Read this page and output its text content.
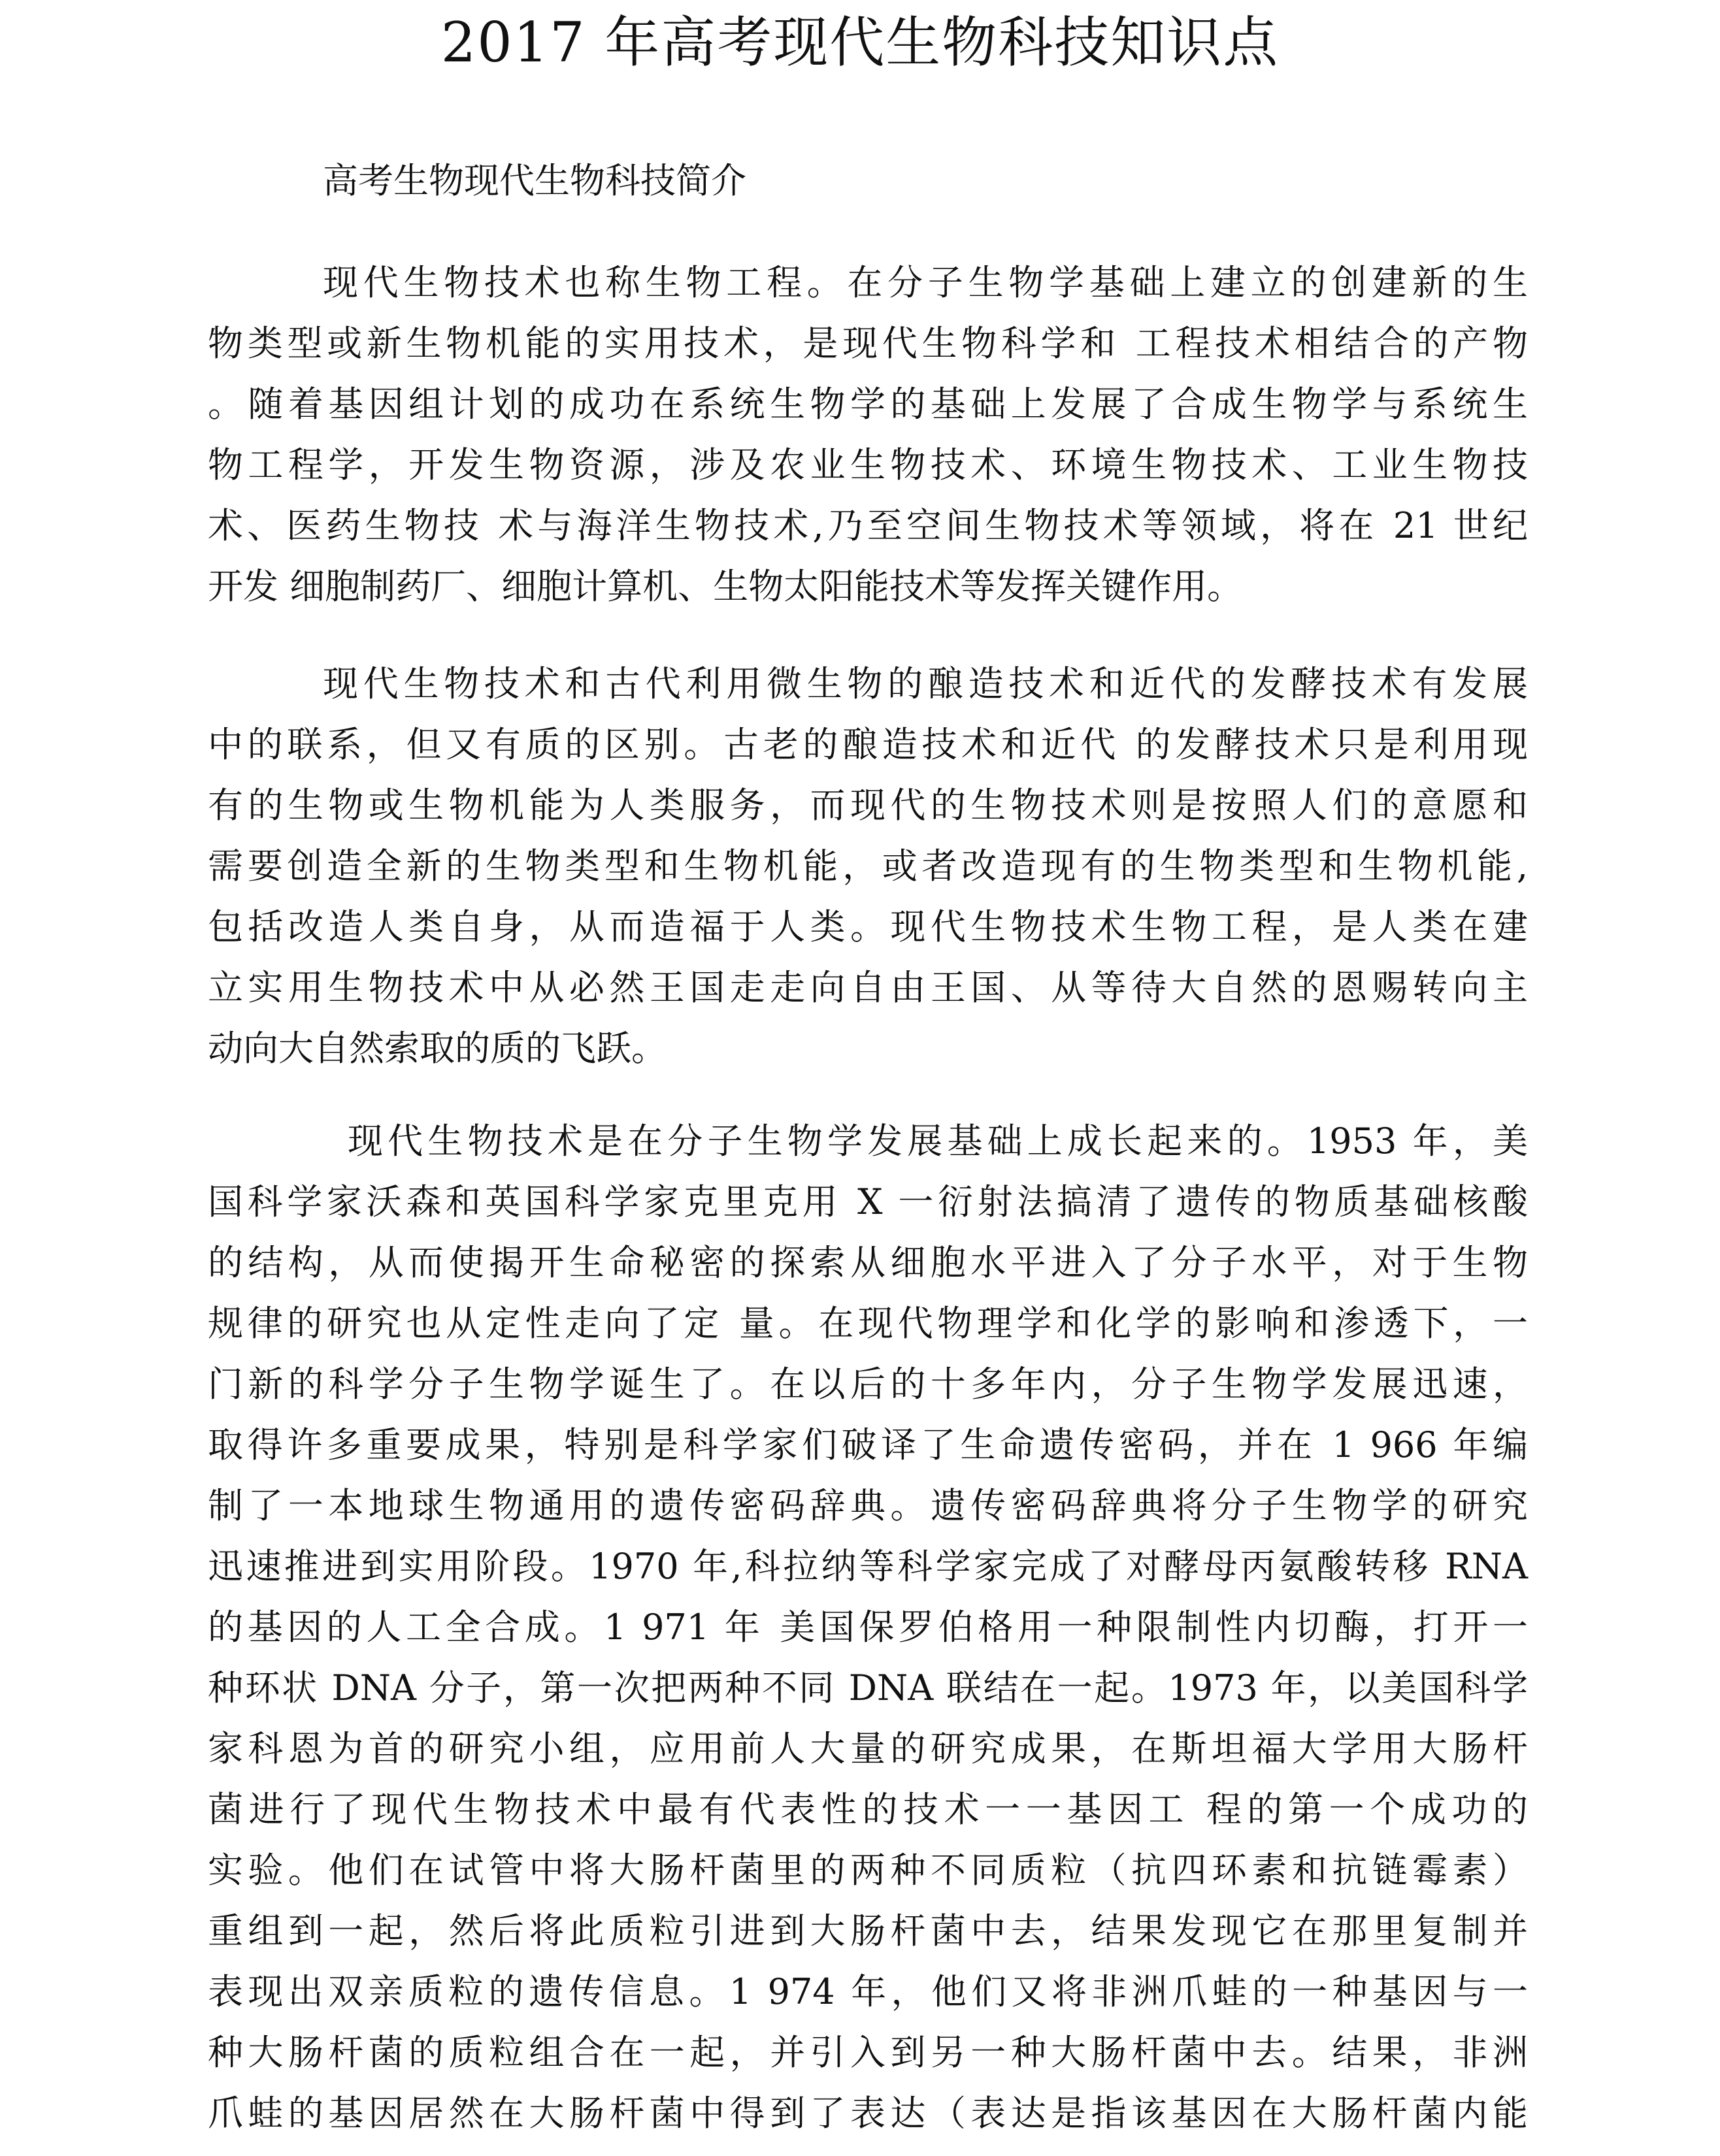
2017 年高考现代生物科技知识点

高考生物现代生物科技简介

现代生物技术也称生物工程。在分子生物学基础上建立的创建新的生
物类型或新生物机能的实用技术，是现代生物科学和 工程技术相结合的产物
。随着基因组计划的成功在系统生物学的基础上发展了合成生物学与系统生
物工程学，开发生物资源，涉及农业生物技术、环境生物技术、工业生物技
术、医药生物技 术与海洋生物技术,乃至空间生物技术等领域，将在 21 世纪
开发 细胞制药厂、细胞计算机、生物太阳能技术等发挥关键作用。
现代生物技术和古代利用微生物的酿造技术和近代的发酵技术有发展
中的联系，但又有质的区别。古老的酿造技术和近代 的发酵技术只是利用现
有的生物或生物机能为人类服务，而现代的生物技术则是按照人们的意愿和
需要创造全新的生物类型和生物机能，或者改造现有的生物类型和生物机能,
包括改造人类自身，从而造福于人类。现代生物技术生物工程，是人类在建
立实用生物技术中从必然王国走走向自由王国、从等待大自然的恩赐转向主
动向大自然索取的质的飞跃。
现代生物技术是在分子生物学发展基础上成长起来的。1953 年，美
国科学家沃森和英国科学家克里克用 X 一衍射法搞清了遗传的物质基础核酸
的结构，从而使揭开生命秘密的探索从细胞水平进入了分子水平，对于生物
规律的研究也从定性走向了定 量。在现代物理学和化学的影响和渗透下，一
门新的科学分子生物学诞生了。在以后的十多年内，分子生物学发展迅速，
取得许多重要成果，特别是科学家们破译了生命遗传密码，并在 1 966 年编
制了一本地球生物通用的遗传密码辞典。遗传密码辞典将分子生物学的研究
迅速推进到实用阶段。1970 年,科拉纳等科学家完成了对酵母丙氨酸转移 RNA
的基因的人工全合成。1 971 年 美国保罗伯格用一种限制性内切酶，打开一
种环状 DNA 分子，第一次把两种不同 DNA 联结在一起。1973 年，以美国科学
家科恩为首的研究小组，应用前人大量的研究成果，在斯坦福大学用大肠杆
菌进行了现代生物技术中最有代表性的技术一一基因工 程的第一个成功的
实验。他们在试管中将大肠杆菌里的两种不同质粒（抗四环素和抗链霉素）
重组到一起，然后将此质粒引进到大肠杆菌中去，结果发现它在那里复制并
表现出双亲质粒的遗传信息。1 974 年，他们又将非洲爪蛙的一种基因与一
种大肠杆菌的质粒组合在一起，并引入到另一种大肠杆菌中去。结果，非洲
爪蛙的基因居然在大肠杆菌中得到了表达（表达是指该基因在大肠杆菌内能
